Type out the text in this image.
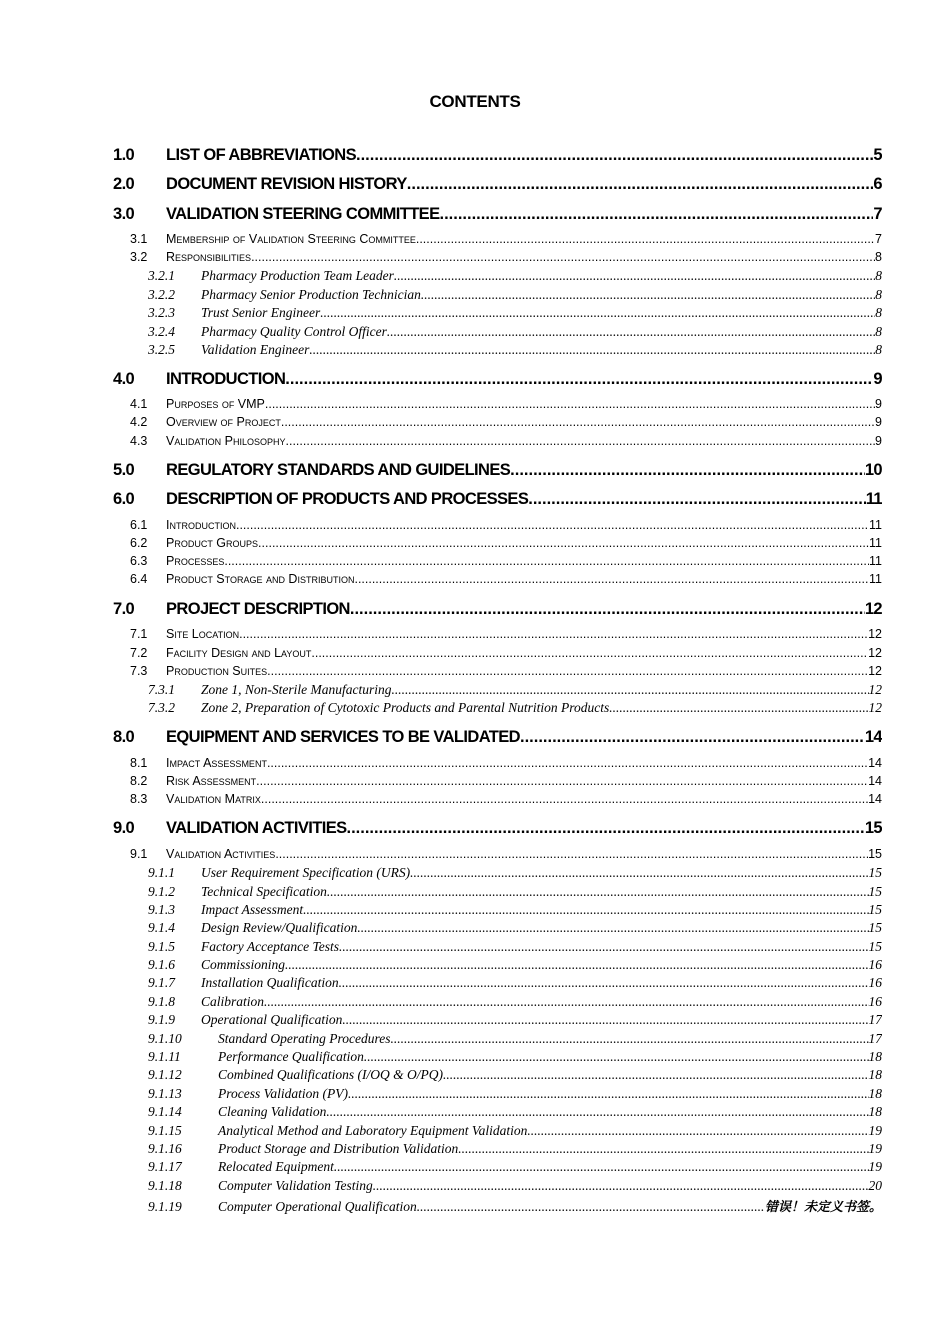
CONTENTS
1.0	LIST OF ABBREVIATIONS .....	5
2.0	DOCUMENT REVISION HISTORY .....	6
3.0	VALIDATION STEERING COMMITTEE .....	7
3.1	Membership of Validation Steering Committee .....	7
3.2	Responsibilities .....	8
3.2.1	Pharmacy Production Team Leader .....	8
3.2.2	Pharmacy Senior Production Technician .....	8
3.2.3	Trust Senior Engineer .....	8
3.2.4	Pharmacy Quality Control Officer .....	8
3.2.5	Validation Engineer .....	8
4.0	INTRODUCTION .....	9
4.1	Purposes of VMP .....	9
4.2	Overview of Project .....	9
4.3	Validation Philosophy .....	9
5.0	REGULATORY STANDARDS AND GUIDELINES .....	10
6.0	DESCRIPTION OF PRODUCTS AND PROCESSES .....	11
6.1	Introduction .....	11
6.2	Product Groups .....	11
6.3	Processes .....	11
6.4	Product Storage and Distribution .....	11
7.0	PROJECT DESCRIPTION .....	12
7.1	Site Location .....	12
7.2	Facility Design and Layout .....	12
7.3	Production Suites .....	12
7.3.1	Zone 1, Non-Sterile Manufacturing .....	12
7.3.2	Zone 2, Preparation of Cytotoxic Products and Parental Nutrition Products .....	12
8.0	EQUIPMENT AND SERVICES TO BE VALIDATED .....	14
8.1	Impact Assessment .....	14
8.2	Risk Assessment .....	14
8.3	Validation Matrix .....	14
9.0	VALIDATION ACTIVITIES .....	15
9.1	Validation Activities .....	15
9.1.1	User Requirement Specification (URS) .....	15
9.1.2	Technical Specification .....	15
9.1.3	Impact Assessment .....	15
9.1.4	Design Review/Qualification .....	15
9.1.5	Factory Acceptance Tests .....	15
9.1.6	Commissioning .....	16
9.1.7	Installation Qualification .....	16
9.1.8	Calibration .....	16
9.1.9	Operational Qualification .....	17
9.1.10	Standard Operating Procedures .....	17
9.1.11	Performance Qualification .....	18
9.1.12	Combined Qualifications (I/OQ & O/PQ) .....	18
9.1.13	Process Validation (PV) .....	18
9.1.14	Cleaning Validation .....	18
9.1.15	Analytical Method and Laboratory Equipment Validation .....	19
9.1.16	Product Storage and Distribution Validation .....	19
9.1.17	Relocated Equipment .....	19
9.1.18	Computer Validation Testing .....	20
9.1.19	Computer Operational Qualification .....	错误！未定义书签。
